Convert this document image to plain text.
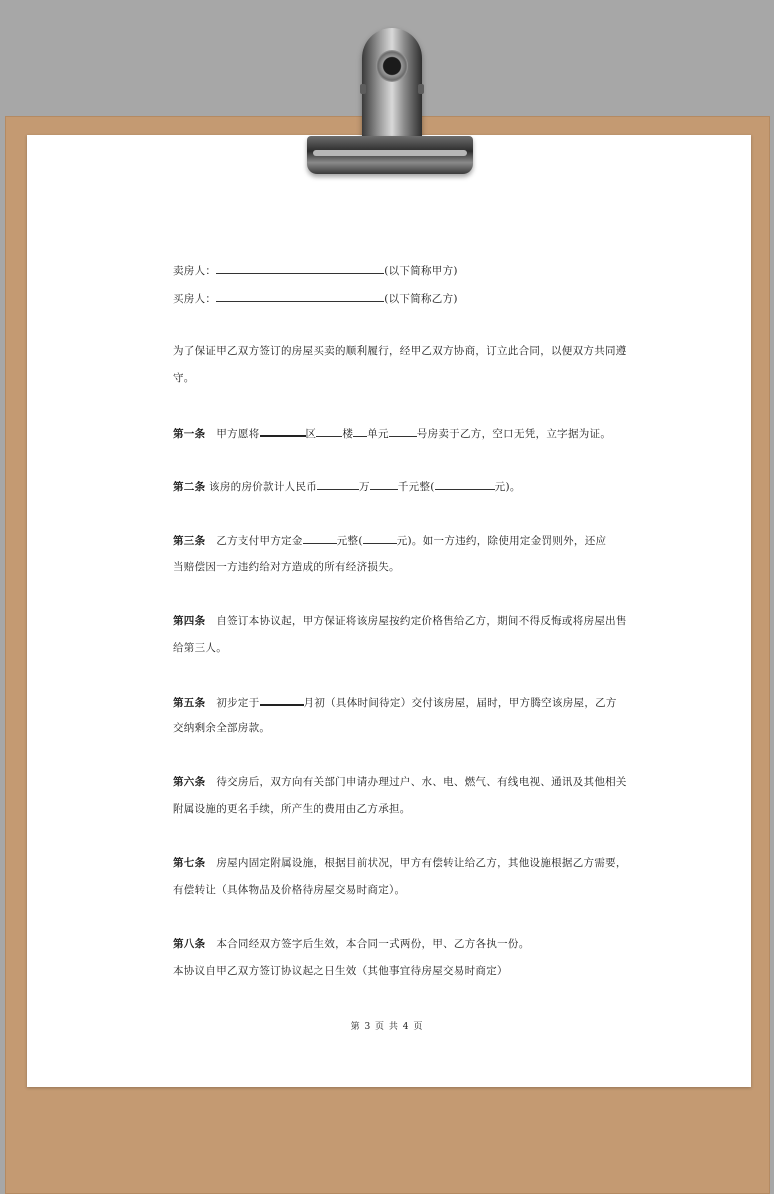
卖房人：	(以下简称甲方)
买房人：	(以下简称乙方)
为了保证甲乙双方签订的房屋买卖的顺利履行，经甲乙双方协商，订立此合同，以便双方共同遵
守。
第一条 甲方愿将	区 楼 单元	号房卖于乙方，空口无凭，立字据为证。
第二条 该房的房价款计人民币	万	千元整(	元)。
第三条 乙方支付甲方定金	元整(	元)。如一方违约，除使用定金罚则外，还应
当赔偿因一方违约给对方造成的所有经济损失。
第四条 自签订本协议起，甲方保证将该房屋按约定价格售给乙方，期间不得反悔或将房屋出售
给第三人。
第五条 初步定于	月初（具体时间待定）交付该房屋，届时，甲方腾空该房屋，乙方
交纳剩余全部房款。
第六条 待交房后，双方向有关部门申请办理过户、水、电、燃气、有线电视、通讯及其他相关
附属设施的更名手续，所产生的费用由乙方承担。
第七条 房屋内固定附属设施，根据目前状况，甲方有偿转让给乙方，其他设施根据乙方需要，
有偿转让（具体物品及价格待房屋交易时商定）。
第八条 本合同经双方签字后生效，本合同一式两份，甲、乙方各执一份。
本协议自甲乙双方签订协议起之日生效（其他事宜待房屋交易时商定）
第 3 页 共 4 页
